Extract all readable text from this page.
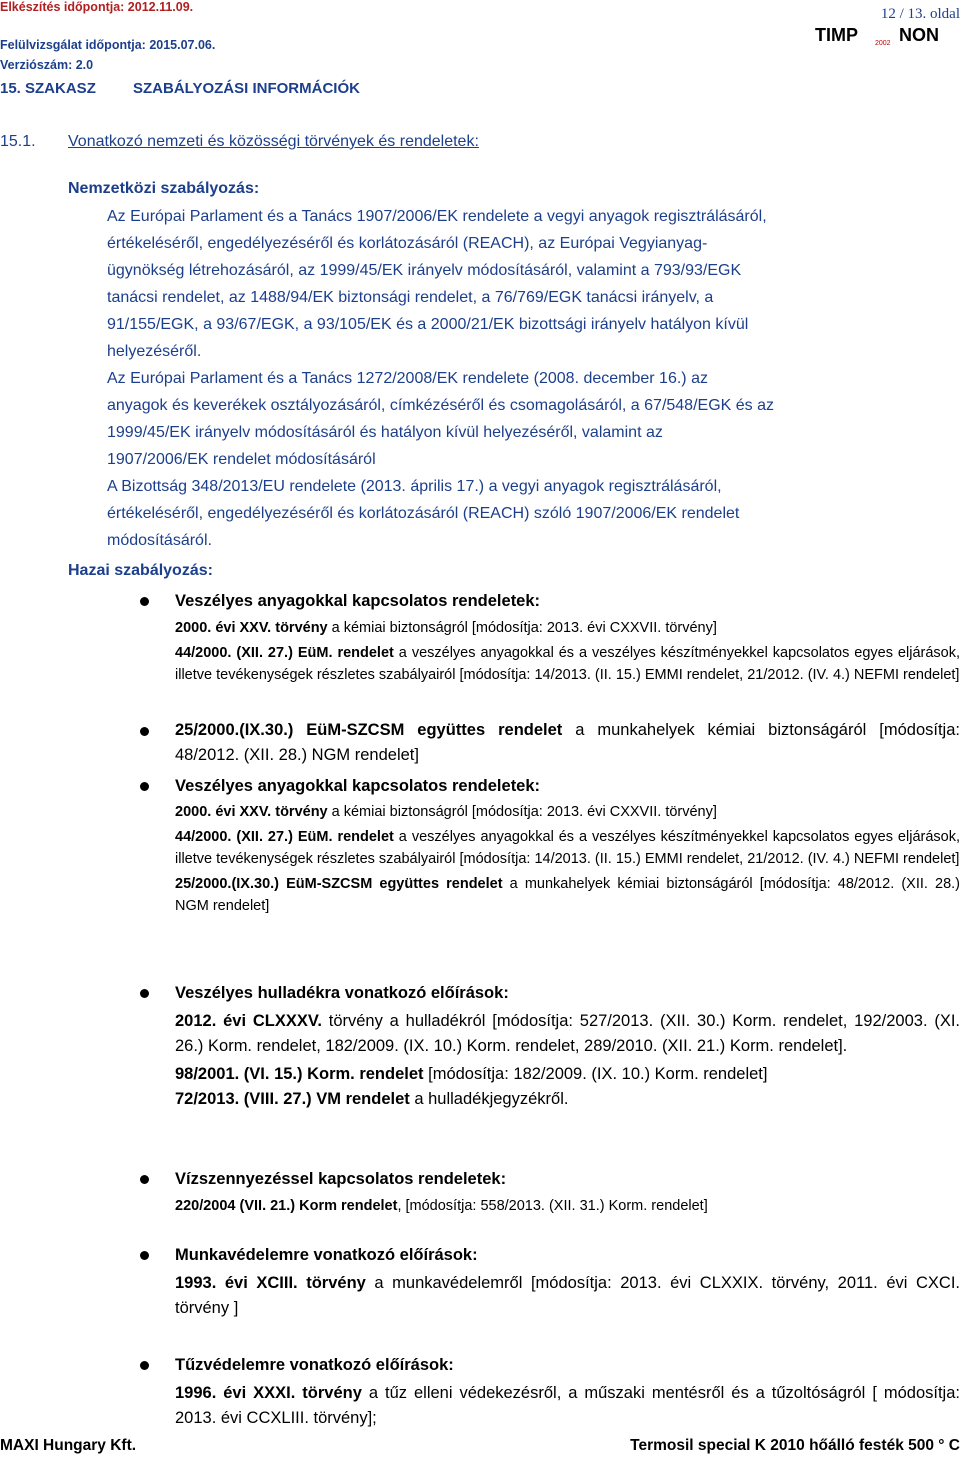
Elkészítés időpontja: 2012.11.09.	12 / 13. oldal
Felülvizsgálat időpontja: 2015.07.06.
Verziószám: 2.0
TIMP 2002 NON
15. SZAKASZ SZABÁLYOZÁSI INFORMÁCIÓK
15.1. Vonatkozó nemzeti és közösségi törvények és rendeletek:
Nemzetközi szabályozás:

Az Európai Parlament és a Tanács 1907/2006/EK rendelete a vegyi anyagok regisztrálásáról,

értékeléséről, engedélyezéséről és korlátozásáról (REACH), az Európai Vegyianyag-

ügynökség létrehozásáról, az 1999/45/EK irányelv módosításáról, valamint a 793/93/EGK

tanácsi rendelet, az 1488/94/EK biztonsági rendelet, a 76/769/EGK tanácsi irányelv, a

91/155/EGK, a 93/67/EGK, a 93/105/EK és a 2000/21/EK bizottsági irányelv hatályon kívül

helyezéséről.

Az Európai Parlament és a Tanács 1272/2008/EK rendelete (2008. december 16.) az

anyagok és keverékek osztályozásáról, címkézéséről és csomagolásáról, a 67/548/EGK és az

1999/45/EK irányelv módosításáról és hatályon kívül helyezéséről, valamint az

1907/2006/EK rendelet módosításáról

A Bizottság 348/2013/EU rendelete (2013. április 17.) a vegyi anyagok regisztrálásáról,

értékeléséről, engedélyezéséről és korlátozásáról (REACH) szóló 1907/2006/EK rendelet

módosításáról.

Hazai szabályozás:
Veszélyes anyagokkal kapcsolatos rendeletek:
2000. évi XXV. törvény a kémiai biztonságról [módosítja: 2013. évi CXXVII. törvény]
44/2000. (XII. 27.) EüM. rendelet a veszélyes anyagokkal és a veszélyes készítményekkel kapcsolatos egyes eljárások, illetve tevékenységek részletes szabályairól [módosítja: 14/2013. (II. 15.) EMMI rendelet, 21/2012. (IV. 4.) NEFMI rendelet]
25/2000.(IX.30.) EüM-SZCSM együttes rendelet a munkahelyek kémiai biztonságáról [módosítja: 48/2012. (XII. 28.) NGM rendelet]
Veszélyes anyagokkal kapcsolatos rendeletek:
2000. évi XXV. törvény a kémiai biztonságról [módosítja: 2013. évi CXXVII. törvény]
44/2000. (XII. 27.) EüM. rendelet a veszélyes anyagokkal és a veszélyes készítményekkel kapcsolatos egyes eljárások, illetve tevékenységek részletes szabályairól [módosítja: 14/2013. (II. 15.) EMMI rendelet, 21/2012. (IV. 4.) NEFMI rendelet]
25/2000.(IX.30.) EüM-SZCSM együttes rendelet a munkahelyek kémiai biztonságáról [módosítja: 48/2012. (XII. 28.) NGM rendelet]
Veszélyes hulladékra vonatkozó előírások:
2012. évi CLXXXV. törvény a hulladékról [módosítja: 527/2013. (XII. 30.) Korm. rendelet, 192/2003. (XI. 26.) Korm. rendelet, 182/2009. (IX. 10.) Korm. rendelet, 289/2010. (XII. 21.) Korm. rendelet].
98/2001. (VI. 15.) Korm. rendelet [módosítja: 182/2009. (IX. 10.) Korm. rendelet]
72/2013. (VIII. 27.) VM rendelet a hulladékjegyzékről.
Vízszennyezéssel kapcsolatos rendeletek:
220/2004 (VII. 21.) Korm rendelet, [módosítja: 558/2013. (XII. 31.) Korm. rendelet]
Munkavédelemre vonatkozó előírások:
1993. évi XCIII. törvény a munkavédelemről [módosítja: 2013. évi CLXXIX. törvény, 2011. évi CXCI. törvény ]
Tűzvédelemre vonatkozó előírások:
1996. évi XXXI. törvény a tűz elleni védekezésről, a műszaki mentésről és a tűzoltóságról [ módosítja: 2013. évi CCXLIII. törvény];
MAXI Hungary Kft.	Termosil special K 2010 hőálló festék 500 ° C
